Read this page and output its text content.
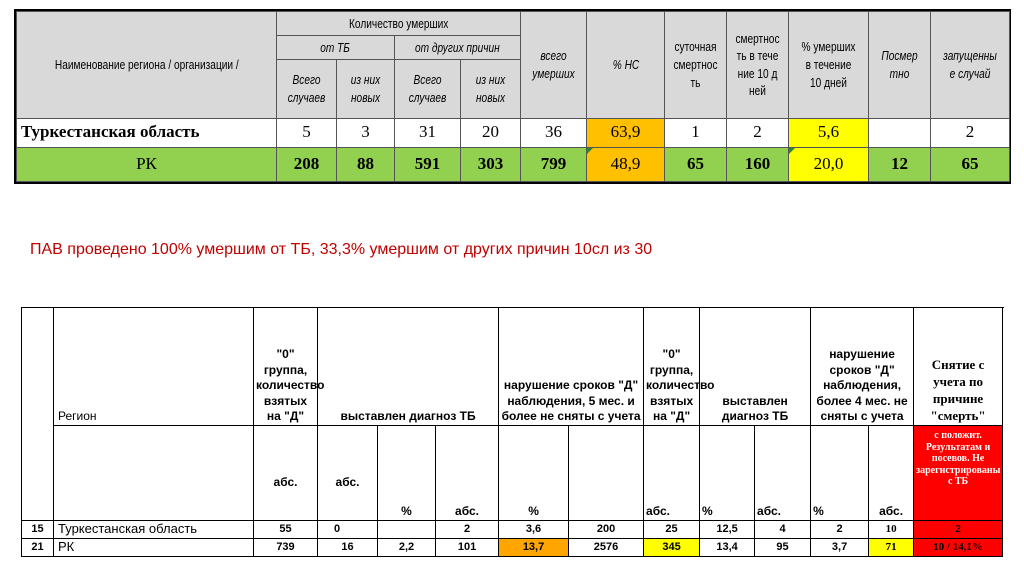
Наименование региона / организации /	Количество умерших				всего умерших	% НС	суточная смертность	смертность в течение 10 дней	% умерших в течение 10 дней	Посмертно	запущенные случай
	от ТБ		от других причин								
	Всего случаев	из них новых	Всего случаев	из них новых							
Туркестанская область	5	3	31	20	36	63,9	1	2	5,6		2
РК	208	88	591	303	799	48,9	65	160	20,0	12	65
ПАВ проведено 100% умершим от ТБ, 33,3% умершим от других причин 10сл из 30
	Регион	"0" группа, количество взятых на "Д"	выставлен диагноз ТБ			нарушение сроков "Д" наблюдения, 5 мес. и более не сняты с учета		"0" группа, количество взятых на "Д"	выставлен диагноз ТБ		нарушение сроков "Д" наблюдения, более 4 мес. не сняты с учета		Снятие с учета по причине "смерть"
		абс.	абс.	%	абс.	%		абс.	%	абс.	%	абс.	с положит. Результатам и посевов. Не зарегистрированы с ТБ
15	Туркестанская область	55	0		2	3,6	200	25	12,5	4	2	10	2
21	РК	739	16	2,2	101	13,7	2576	345	13,4	95	3,7	71	10 / 14,1%
